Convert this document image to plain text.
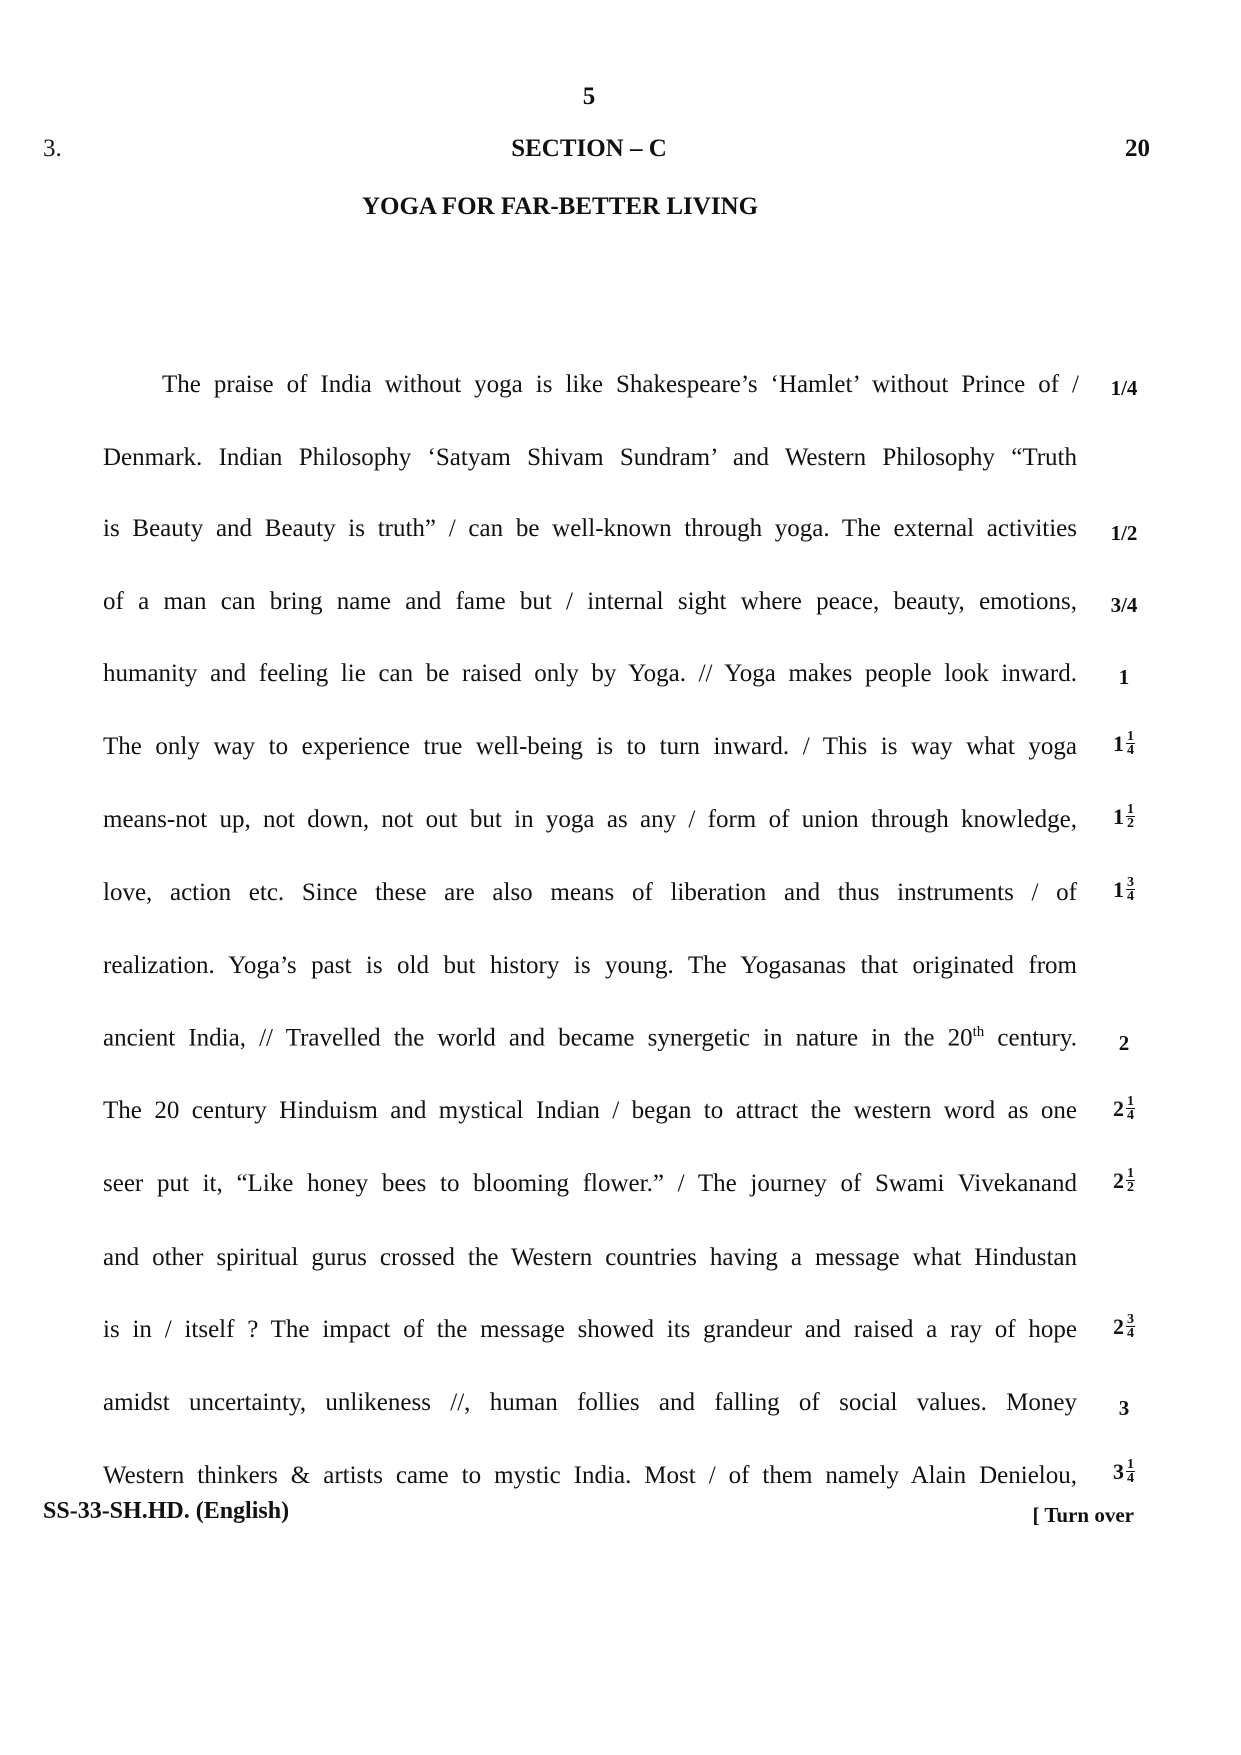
5
3.	SECTION – C	20
YOGA FOR FAR-BETTER LIVING
The praise of India without yoga is like Shakespeare’s ‘Hamlet’ without Prince of /
Denmark. Indian Philosophy ‘Satyam Shivam Sundram’ and Western Philosophy “Truth
is Beauty and Beauty is truth” / can be well-known through yoga. The external activities
of a man can bring name and fame but / internal sight where peace, beauty, emotions,
humanity and feeling lie can be raised only by Yoga. // Yoga makes people look inward.
The only way to experience true well-being is to turn inward. / This is way what yoga
means-not up, not down, not out but in yoga as any / form of union through knowledge,
love, action etc. Since these are also means of liberation and thus instruments / of
realization. Yoga’s past is old but history is young. The Yogasanas that originated from
ancient India, // Travelled the world and became synergetic in nature in the 20th century.
The 20 century Hinduism and mystical Indian / began to attract the western word as one
seer put it, “Like honey bees to blooming flower.” / The journey of Swami Vivekanand
and other spiritual gurus crossed the Western countries having a message what Hindustan
is in / itself ? The impact of the message showed its grandeur and raised a ray of hope
amidst uncertainty, unlikeness //, human follies and falling of social values. Money
Western thinkers & artists came to mystic India. Most / of them namely Alain Denielou,
1/4
1/2
3/4
1
$1 \frac{1}{4}$
$1 \frac{1}{2}$
$1 \frac{3}{4}$
2
$2 \frac{1}{4}$
$2 \frac{1}{2}$
$2 \frac{3}{4}$
3
$3 \frac{1}{4}$
SS-33-SH.HD. (English)	[ Turn over
